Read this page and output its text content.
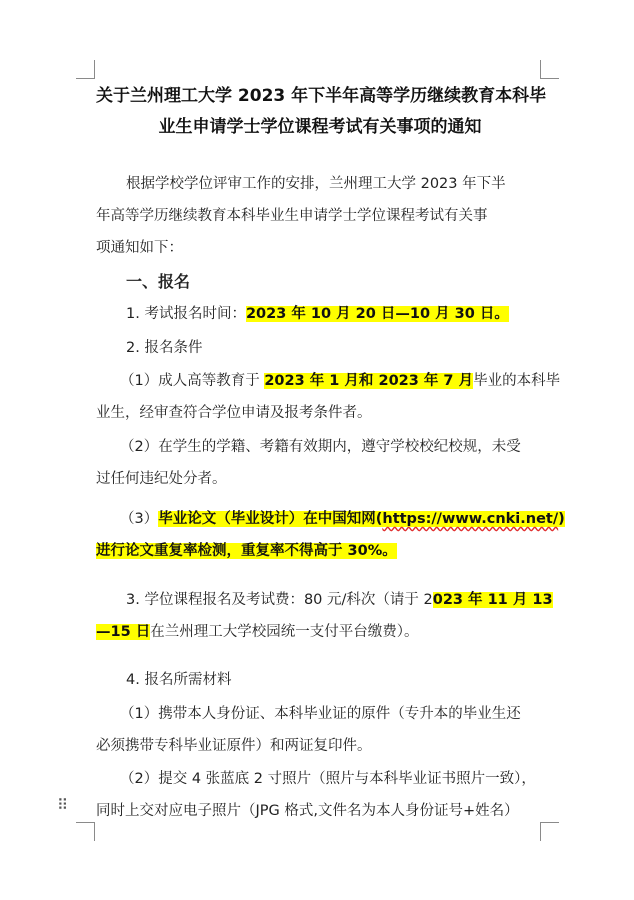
⠿
关于兰州理工大学 2023 年下半年高等学历继续教育本科毕
业生申请学士学位课程考试有关事项的通知
根据学校学位评审工作的安排，兰州理工大学 2023 年下半
年高等学历继续教育本科毕业生申请学士学位课程考试有关事
项通知如下：
一、报名
1. 考试报名时间：2023 年 10 月 20 日—10 月 30 日。
2. 报名条件
（1）成人高等教育于 2023 年 1 月和 2023 年 7 月毕业的本科毕
业生，经审查符合学位申请及报考条件者。
（2）在学生的学籍、考籍有效期内，遵守学校校纪校规，未受
过任何违纪处分者。
（3）毕业论文（毕业设计）在中国知网(https://www.cnki.net/)
进行论文重复率检测，重复率不得高于 30%。
3. 学位课程报名及考试费：80 元/科次（请于 2023 年 11 月 13
—15 日在兰州理工大学校园统一支付平台缴费）。
4. 报名所需材料
（1）携带本人身份证、本科毕业证的原件（专升本的毕业生还
必须携带专科毕业证原件）和两证复印件。
（2）提交 4 张蓝底 2 寸照片（照片与本科毕业证书照片一致），
同时上交对应电子照片（JPG 格式,文件名为本人身份证号+姓名）
